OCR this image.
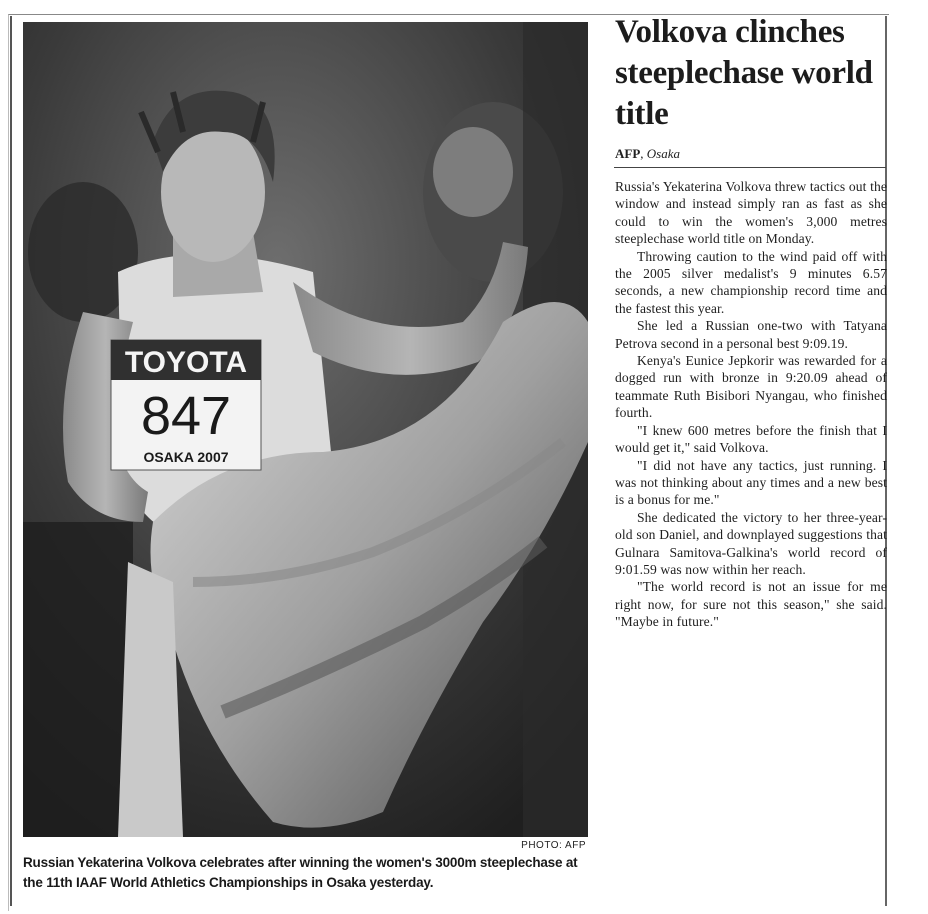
TOYOTA
847
OSAKA 2007
PHOTO: AFP
Russian Yekaterina Volkova celebrates after winning the women's 3000m steeplechase at the 11th IAAF World Athletics Championships in Osaka yesterday.
Volkova clinches steeplechase world title
AFP, Osaka

Russia's Yekaterina Volkova threw tactics out the window and instead simply ran as fast as she could to win the women's 3,000 metres steeplechase world title on Monday.

Throwing caution to the wind paid off with the 2005 silver medalist's 9 minutes 6.57 seconds, a new championship record time and the fastest this year.

She led a Russian one-two with Tatyana Petrova second in a personal best 9:09.19.

Kenya's Eunice Jepkorir was rewarded for a dogged run with bronze in 9:20.09 ahead of teammate Ruth Bisibori Nyangau, who finished fourth.

"I knew 600 metres before the finish that I would get it," said Volkova.

"I did not have any tactics, just running. I was not thinking about any times and a new best is a bonus for me."

She dedicated the victory to her three-year-old son Daniel, and downplayed suggestions that Gulnara Samitova-Galkina's world record of 9:01.59 was now within her reach.

"The world record is not an issue for me right now, for sure not this season," she said. "Maybe in future."
